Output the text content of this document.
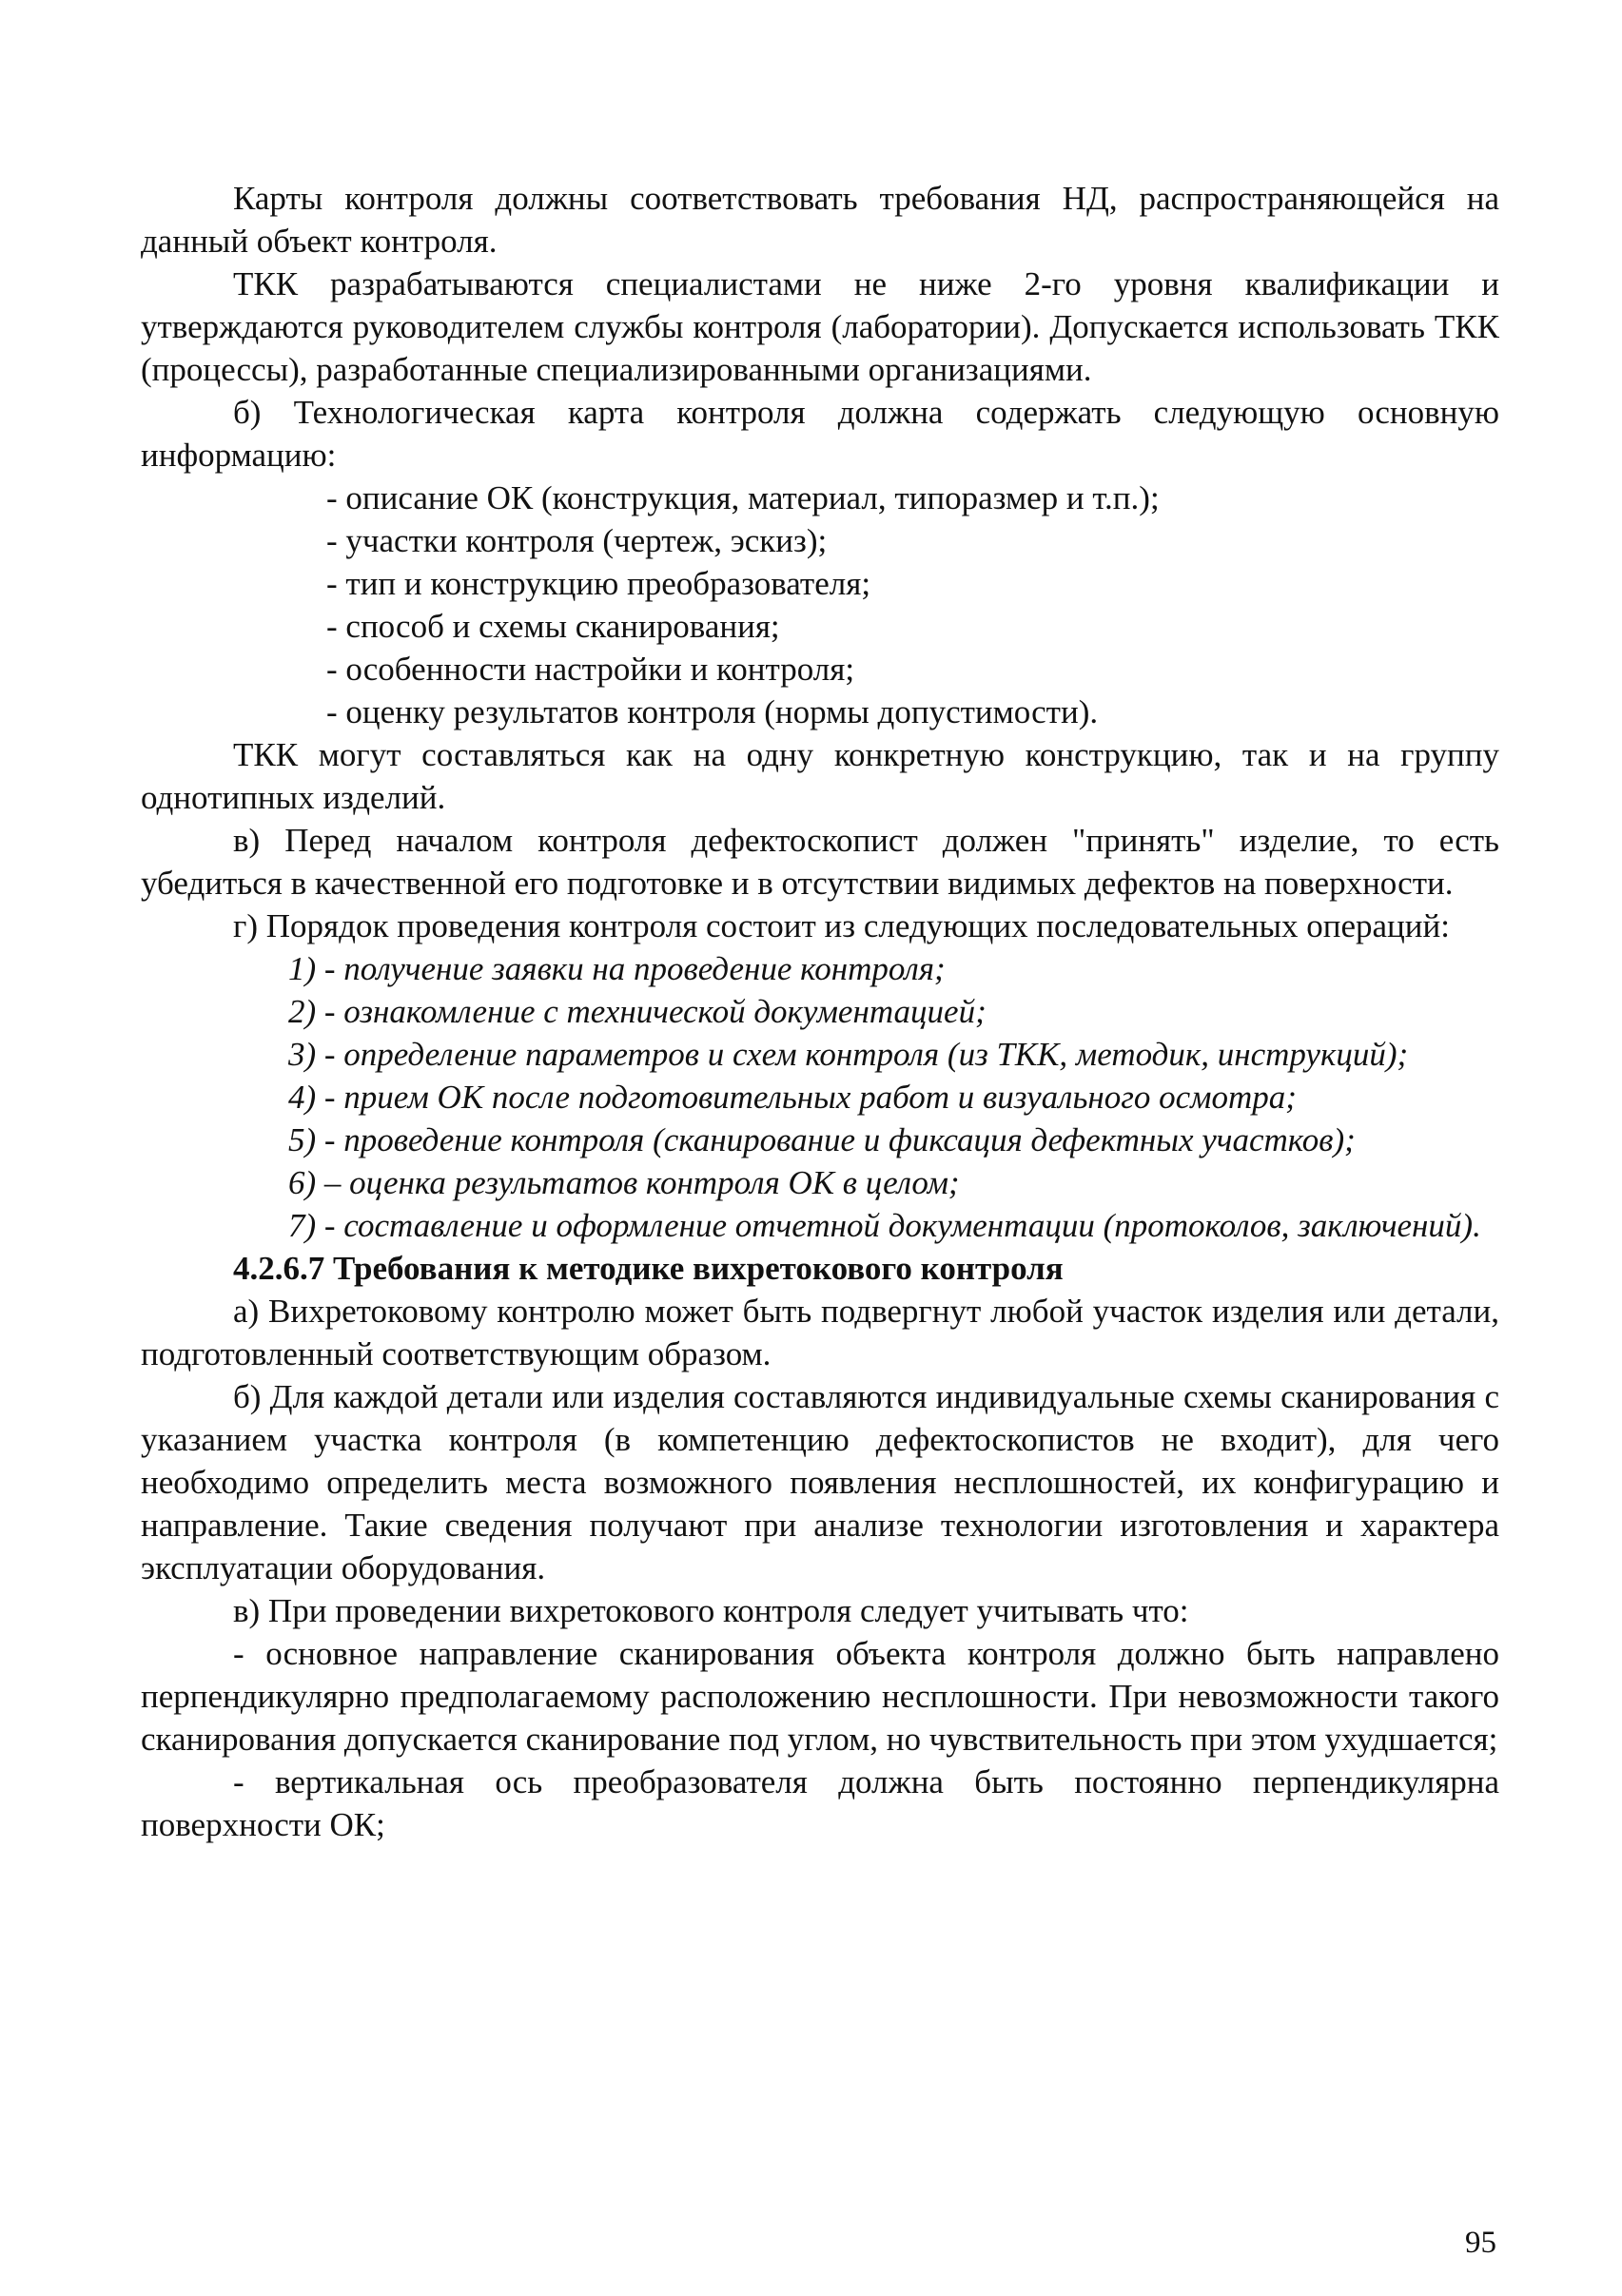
Карты контроля должны соответствовать требования НД, распространяющейся на данный объект контроля.

ТКК разрабатываются специалистами не ниже 2-го уровня квалификации и утверждаются руководителем службы контроля (лаборатории). Допускается использовать ТКК (процессы), разработанные специализированными организациями.

б) Технологическая карта контроля должна содержать следующую основную информацию:

- описание ОК (конструкция, материал, типоразмер и т.п.);

- участки контроля (чертеж, эскиз);

- тип и конструкцию преобразователя;

- способ и схемы сканирования;

- особенности настройки и контроля;

- оценку результатов контроля (нормы допустимости).

ТКК могут составляться как на одну конкретную конструкцию, так и на группу однотипных изделий.

в) Перед началом контроля дефектоскопист должен "принять" изделие, то есть убедиться в качественной его подготовке и в отсутствии видимых дефектов на поверхности.

г) Порядок проведения контроля состоит из следующих последовательных операций:

1) - получение заявки на проведение контроля;

2) - ознакомление с технической документацией;

3) - определение параметров и схем контроля (из ТКК, методик, инструкций);

4) - прием ОК после подготовительных работ и визуального осмотра;

5) - проведение контроля (сканирование и фиксация дефектных участков);

6) – оценка результатов контроля ОК в целом;

7) - составление и оформление отчетной документации (протоколов, заключений).

4.2.6.7 Требования к методике вихретокового контроля

а) Вихретоковому контролю может быть подвергнут любой участок изделия или детали, подготовленный соответствующим образом.

б) Для каждой детали или изделия составляются индивидуальные схемы сканирования с указанием участка контроля (в компетенцию дефектоскопистов не входит), для чего необходимо определить места возможного появления несплошностей, их конфигурацию и направление. Такие сведения получают при анализе технологии изготовления и характера эксплуатации оборудования.

в) При проведении вихретокового контроля следует учитывать что:

- основное направление сканирования объекта контроля должно быть направлено перпендикулярно предполагаемому расположению несплошности. При невозможности такого сканирования допускается сканирование под углом, но чувствительность при этом ухудшается;

- вертикальная ось преобразователя должна быть постоянно перпендикулярна поверхности ОК;

95
